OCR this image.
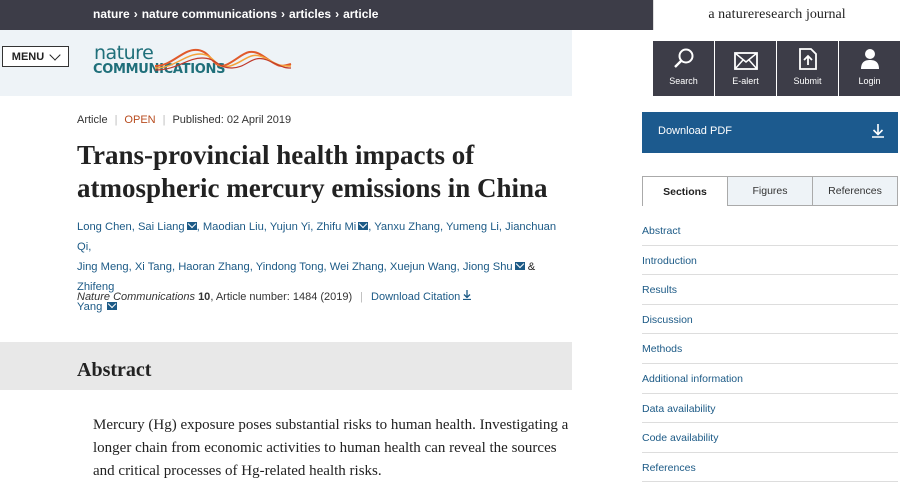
nature › nature communications › articles › article	a natureresearch journal
MENU	nature
COMMUNICATIONS
Search	E-alert	Submit	Login
Article | OPEN | Published: 02 April 2019
Trans-provincial health impacts of atmospheric mercury emissions in China
Long Chen, Sai Liang , Maodian Liu, Yujun Yi, Zhifu Mi , Yanxu Zhang, Yumeng Li, Jianchuan Qi,
Jing Meng, Xi Tang, Haoran Zhang, Yindong Tong, Wei Zhang, Xuejun Wang, Jiong Shu & Zhifeng
Yang
Nature Communications 10, Article number: 1484 (2019) | Download Citation
Abstract

Mercury (Hg) exposure poses substantial risks to human health. Investigating a longer chain from economic activities to human health can reveal the sources and critical processes of Hg-related health risks.

Download PDF
Sections	Figures	References
Abstract
Introduction
Results
Discussion
Methods
Additional information
Data availability
Code availability
References
